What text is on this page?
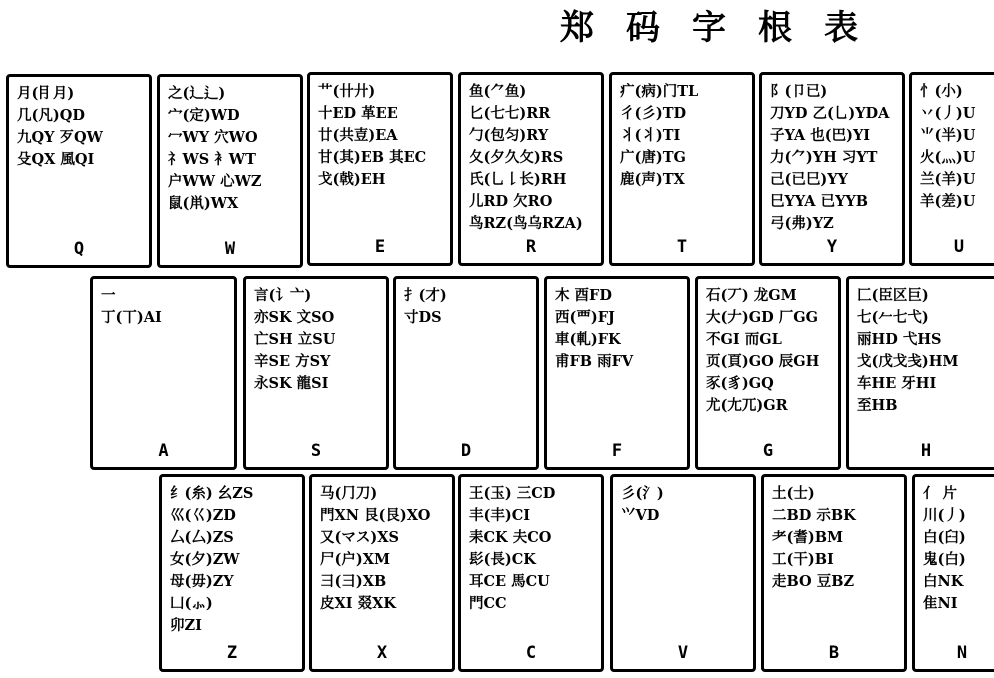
郑 码 字 根 表
月(⺝月)
几(凡)QD
九QY 歹QW
殳QX 風QI
Q
之(辶⻍)
宀(定)WD
冖WY 穴WO
礻WS 衤WT
户WW 心WZ
鼠(鼡)WX
W
艹(卄廾)
十ED 革EE
廿(共壴)EA
甘(其)EB 其EC
戈(戟)EH
E
鱼(⺈⻥)
匕(七七)RR
勹(包匀)RY
夂(夕久攵)RS
氏(乚𠄌长)RH
儿RD 欠RO
鸟RZ(鸟乌RZA)
R
疒(病)门TL
彳(彡)TD
丬(丬)TI
广(唐)TG
鹿(声)TX
T
阝(卩已)
刀YD 乙(乚)YDA
子YA 也(巴)YI
力(⺈)YH 习YT
己(已巳)YY
巳YYA 已YYB
弓(弗)YZ
Y
忄(小)
丷(丿)U
⺌(半)U
火(灬)U
兰(羊)U
羊(差)U
U
一
丁(丅)AI
A
言(讠亠)
亦SK 文SO
亡SH 立SU
辛SE 方SY
永SK 龍SI
S
扌(才)
寸DS
D
木 酉FD
西(覀)FJ
車(軋)FK
甫FB 雨FV
F
石(丆) 龙GM
大(𠂇)GD 厂GG
不GI 而GL
页(頁)GO 辰GH
豕(豸)GQ
尤(尢兀)GR
G
匚(臣区巨)
七(𠂉七弋)
丽HD 弋HS
戈(戊戈戋)HM
车HE 牙HI
至HB
H
纟(糸) 幺ZS
巛(巜)ZD
厶(厶)ZS
女(夕)ZW
母(毋)ZY
凵(⺗)
卯ZI
Z
马(⺆刀)
門XN 艮(艮)XO
又(マス)XS
尸(户)XM
彐(⺕)XB
皮XI 叕XK
X
王(玉) 三CD
丰(丰)CI
耒CK 夫CO
髟(長)CK
耳CE 馬CU
門CC
C
彡(氵)
⺍VD
V
土(士)
二BD 示BK
耂(耆)BM
工(干)BI
走BO 豆BZ
B
亻 片
川(丿)
白(臼)
鬼(白)
白NK
隹NI
N
